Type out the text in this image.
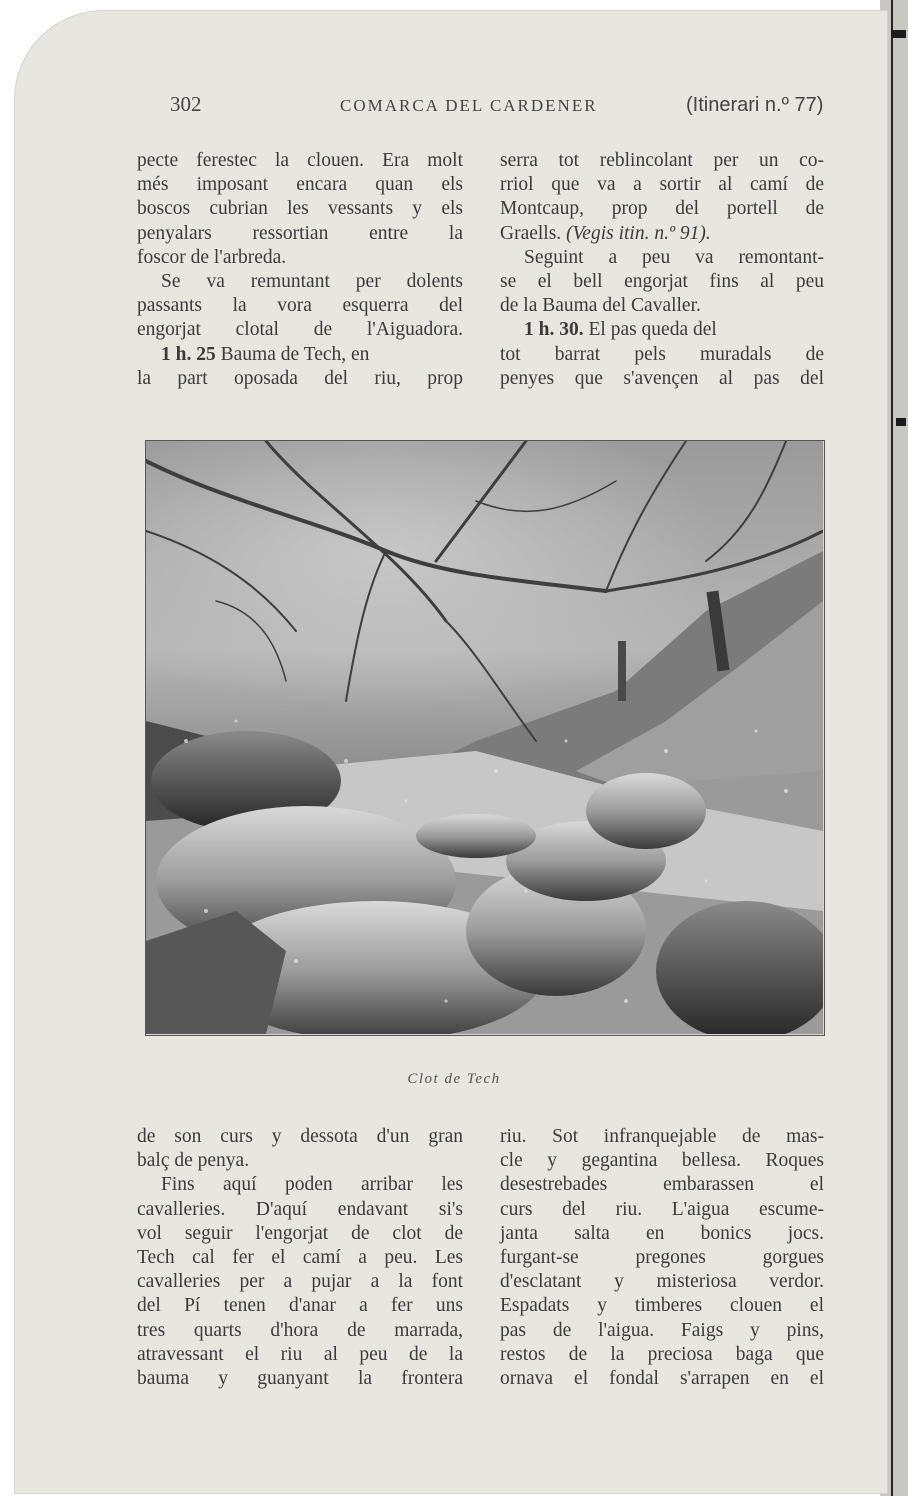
302	COMARCA DEL CARDENER	(Itinerari n.º 77)

pecte ferestec la clouen. Era molt

més imposant encara quan els

boscos cubrian les vessants y els

penyalars ressortian entre la

foscor de l'arbreda.

Se va remuntant per dolents

passants la vora esquerra del

engorjat clotal de l'Aiguadora.

1 h. 25 Bauma de Tech, en

la part oposada del riu, prop

serra tot reblincolant per un co-

rriol que va a sortir al camí de

Montcaup, prop del portell de

Graells. (Vegis itin. n.º 91).

Seguint a peu va remontant-

se el bell engorjat fins al peu

de la Bauma del Cavaller.

1 h. 30. El pas queda del

tot barrat pels muradals de

penyes que s'avençen al pas del

Clot de Tech

de son curs y dessota d'un gran

balç de penya.

Fins aquí poden arribar les

cavalleries. D'aquí endavant si's

vol seguir l'engorjat de clot de

Tech cal fer el camí a peu. Les

cavalleries per a pujar a la font

del Pí tenen d'anar a fer uns

tres quarts d'hora de marrada,

atravessant el riu al peu de la

bauma y guanyant la frontera

riu. Sot infranquejable de mas-

cle y gegantina bellesa. Roques

desestrebades embarassen el

curs del riu. L'aigua escume-

janta salta en bonics jocs.

furgant-se pregones gorgues

d'esclatant y misteriosa verdor.

Espadats y timberes clouen el

pas de l'aigua. Faigs y pins,

restos de la preciosa baga que

ornava el fondal s'arrapen en el
